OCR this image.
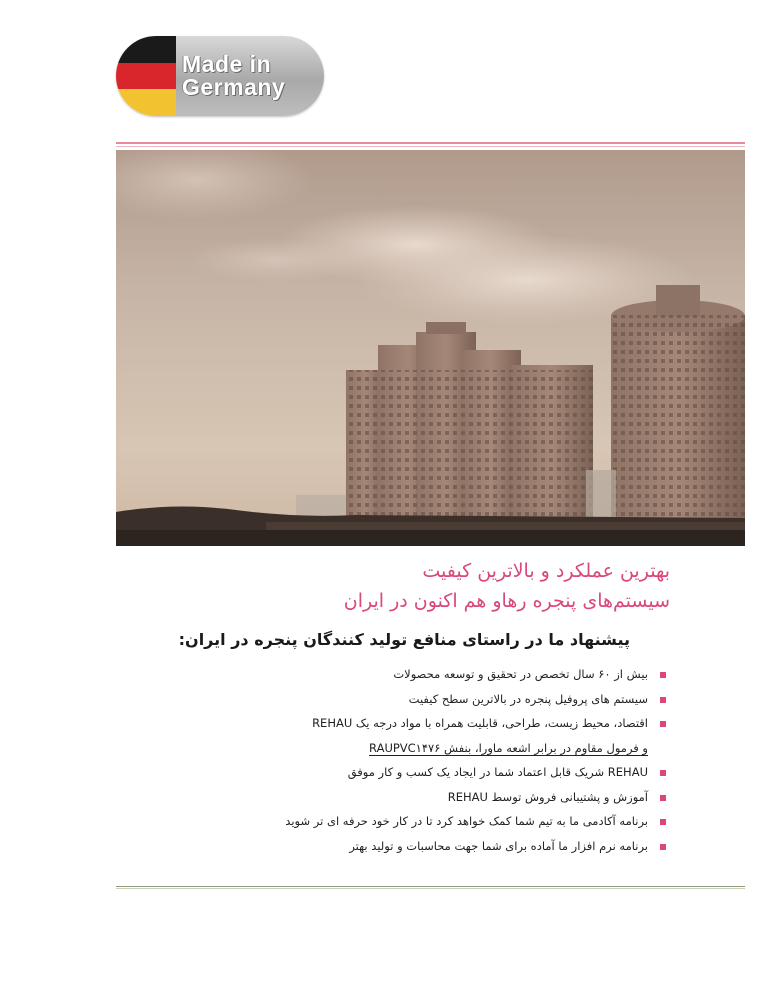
Made in
Germany
بهترین عملکرد و بالاترین کیفیت
سیستم‌های پنجره رهاو هم اکنون در ایران
پیشنهاد ما در راستای منافع تولید کنندگان پنجره در ایران:
بیش از ۶۰ سال تخصص در تحقیق و توسعه محصولات
سیستم های پروفیل پنجره در بالاترین سطح کیفیت
اقتصاد، محیط زیست، طراحی، قابلیت همراه با مواد درجه یک REHAU
و فرمول مقاوم در برابر اشعه ماورا، بنفش RAUPVC۱۴۷۶
REHAU شریک قابل اعتماد شما در ایجاد یک کسب و کار موفق
آموزش و پشتیبانی فروش توسط REHAU
برنامه آکادمی ما به تیم شما کمک خواهد کرد تا در کار خود حرفه ای تر شوید
برنامه نرم افزار ما آماده برای شما جهت محاسبات و تولید بهتر
